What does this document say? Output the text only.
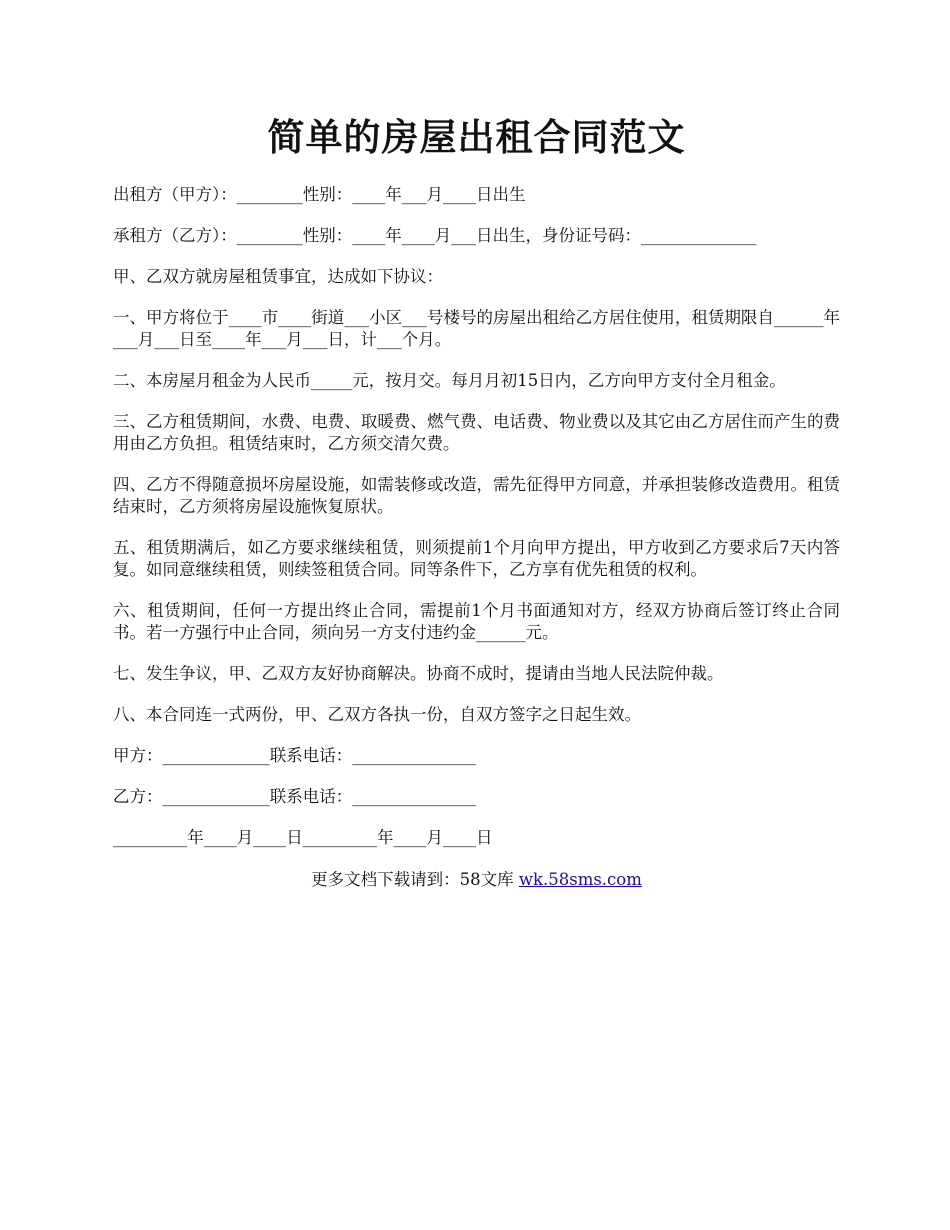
简单的房屋出租合同范文

出租方（甲方）：________性别：____年___月____日出生

承租方（乙方）：________性别：____年____月___日出生，身份证号码：______________

甲、乙双方就房屋租赁事宜，达成如下协议：

一、甲方将位于____市____街道___小区___号楼号的房屋出租给乙方居住使用，租赁期限自______年___月___日至____年___月___日，计___个月。

二、本房屋月租金为人民币_____元，按月交。每月月初15日内，乙方向甲方支付全月租金。

三、乙方租赁期间，水费、电费、取暖费、燃气费、电话费、物业费以及其它由乙方居住而产生的费用由乙方负担。租赁结束时，乙方须交清欠费。

四、乙方不得随意损坏房屋设施，如需装修或改造，需先征得甲方同意，并承担装修改造费用。租赁结束时，乙方须将房屋设施恢复原状。

五、租赁期满后，如乙方要求继续租赁，则须提前1个月向甲方提出，甲方收到乙方要求后7天内答复。如同意继续租赁，则续签租赁合同。同等条件下，乙方享有优先租赁的权利。

六、租赁期间，任何一方提出终止合同，需提前1个月书面通知对方，经双方协商后签订终止合同书。若一方强行中止合同，须向另一方支付违约金______元。

七、发生争议，甲、乙双方友好协商解决。协商不成时，提请由当地人民法院仲裁。

八、本合同连一式两份，甲、乙双方各执一份，自双方签字之日起生效。

甲方：_____________联系电话：_______________

乙方：_____________联系电话：_______________

_________年____月____日_________年____月____日

更多文档下载请到：58文库 wk.58sms.com
